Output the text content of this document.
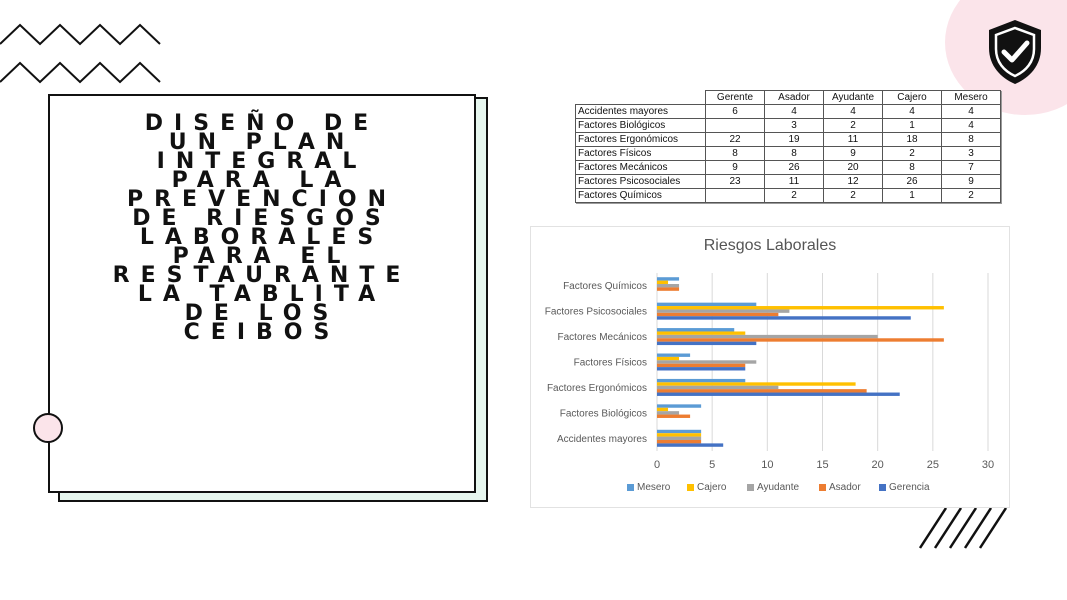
DISEÑO DE
UN PLAN
INTEGRAL
PARA LA
PREVENCION
DE RIESGOS
LABORALES
PARA EL
RESTAURANTE
LA TABLITA
DE LOS
CEIBOS
	Gerente	Asador	Ayudante	Cajero	Mesero
Accidentes mayores	6	4	4	4	4
Factores Biológicos		3	2	1	4
Factores Ergonómicos	22	19	11	18	8
Factores Físicos	8	8	9	2	3
Factores Mecánicos	9	26	20	8	7
Factores Psicosociales	23	11	12	26	9
Factores Químicos		2	2	1	2
0	5	10	15	20	25	30
Factores Químicos
Factores Psicosociales
Factores Mecánicos
Factores Físicos
Factores Ergonómicos
Factores Biológicos
Accidentes mayores
Mesero	Cajero	Ayudante	Asador	Gerencia
Riesgos Laborales
